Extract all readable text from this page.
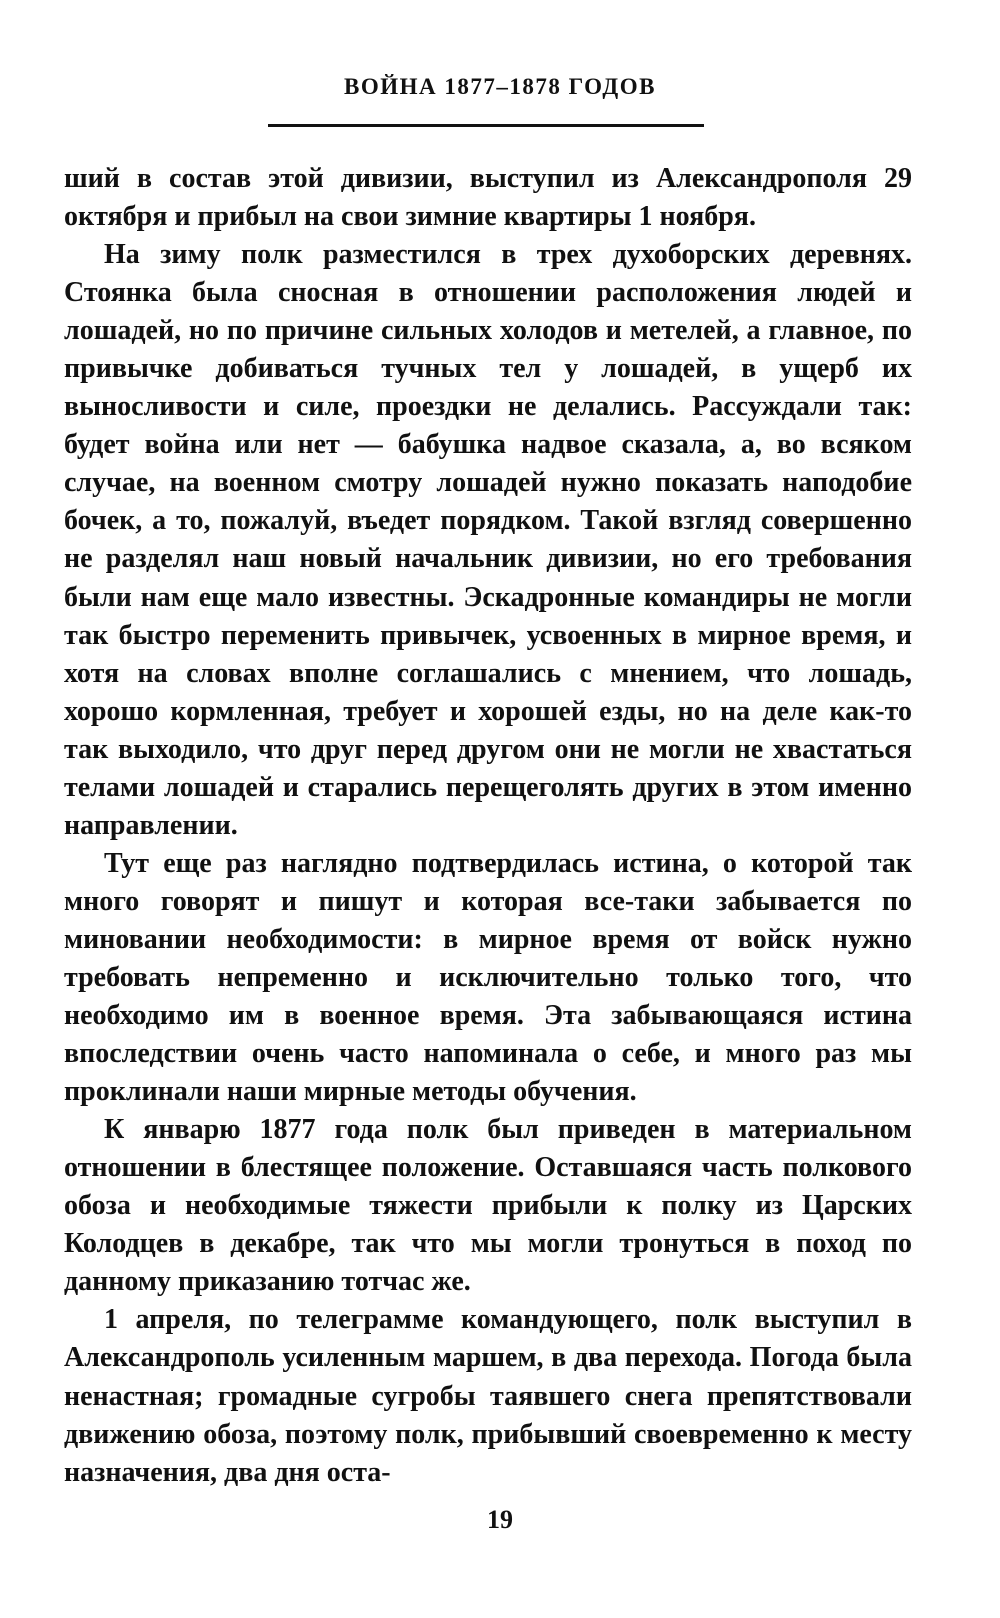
ВОЙНА 1877–1878 ГОДОВ

ший в состав этой дивизии, выступил из Александрополя 29 октября и прибыл на свои зимние квартиры 1 ноября.

На зиму полк разместился в трех духоборских деревнях. Стоянка была сносная в отношении расположения людей и лошадей, но по причине сильных холодов и метелей, а главное, по привычке добиваться тучных тел у лошадей, в ущерб их выносливости и силе, проездки не делались. Рассуждали так: будет война или нет — бабушка надвое сказала, а, во всяком случае, на военном смотру лошадей нужно показать наподобие бочек, а то, пожалуй, въедет порядком. Такой взгляд совершенно не разделял наш новый начальник дивизии, но его требования были нам еще мало известны. Эскадронные командиры не могли так быстро переменить привычек, усвоенных в мирное время, и хотя на словах вполне соглашались с мнением, что лошадь, хорошо кормленная, требует и хорошей езды, но на деле как-то так выходило, что друг перед другом они не могли не хвастаться телами лошадей и старались перещеголять других в этом именно направлении.

Тут еще раз наглядно подтвердилась истина, о которой так много говорят и пишут и которая все-таки забывается по миновании необходимости: в мирное время от войск нужно требовать непременно и исключительно только того, что необходимо им в военное время. Эта забывающаяся истина впоследствии очень часто напоминала о себе, и много раз мы проклинали наши мирные методы обучения.

К январю 1877 года полк был приведен в материальном отношении в блестящее положение. Оставшаяся часть полкового обоза и необходимые тяжести прибыли к полку из Царских Колодцев в декабре, так что мы могли тронуться в поход по данному приказанию тотчас же.

1 апреля, по телеграмме командующего, полк выступил в Александрополь усиленным маршем, в два перехода. Погода была ненастная; громадные сугробы таявшего снега препятствовали движению обоза, поэтому полк, прибывший своевременно к месту назначения, два дня оста-

19
